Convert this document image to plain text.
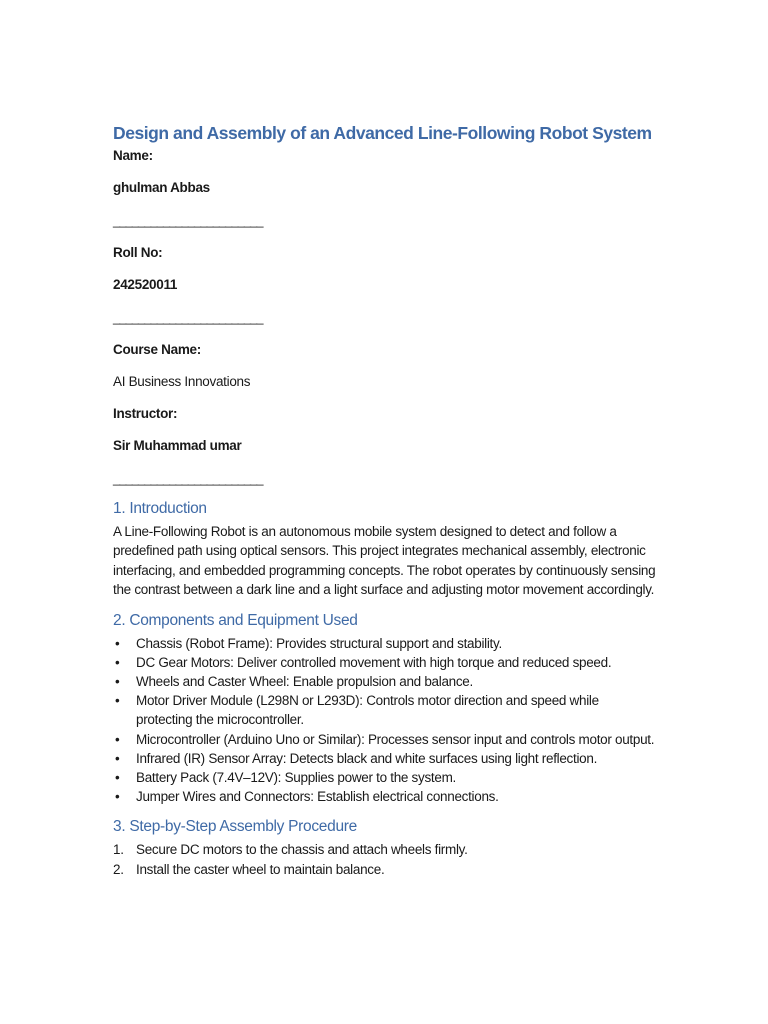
Design and Assembly of an Advanced Line-Following Robot System

Name:

ghulman Abbas

________________________

Roll No:

242520011

________________________

Course Name:

AI Business Innovations

Instructor:

Sir Muhammad umar

________________________

1. Introduction

A Line-Following Robot is an autonomous mobile system designed to detect and follow a predefined path using optical sensors. This project integrates mechanical assembly, electronic interfacing, and embedded programming concepts. The robot operates by continuously sensing the contrast between a dark line and a light surface and adjusting motor movement accordingly.

2. Components and Equipment Used
• Chassis (Robot Frame): Provides structural support and stability.
• DC Gear Motors: Deliver controlled movement with high torque and reduced speed.
• Wheels and Caster Wheel: Enable propulsion and balance.
• Motor Driver Module (L298N or L293D): Controls motor direction and speed while protecting the microcontroller.
• Microcontroller (Arduino Uno or Similar): Processes sensor input and controls motor output.
• Infrared (IR) Sensor Array: Detects black and white surfaces using light reflection.
• Battery Pack (7.4V–12V): Supplies power to the system.
• Jumper Wires and Connectors: Establish electrical connections.
3. Step-by-Step Assembly Procedure
1. Secure DC motors to the chassis and attach wheels firmly.
2. Install the caster wheel to maintain balance.
